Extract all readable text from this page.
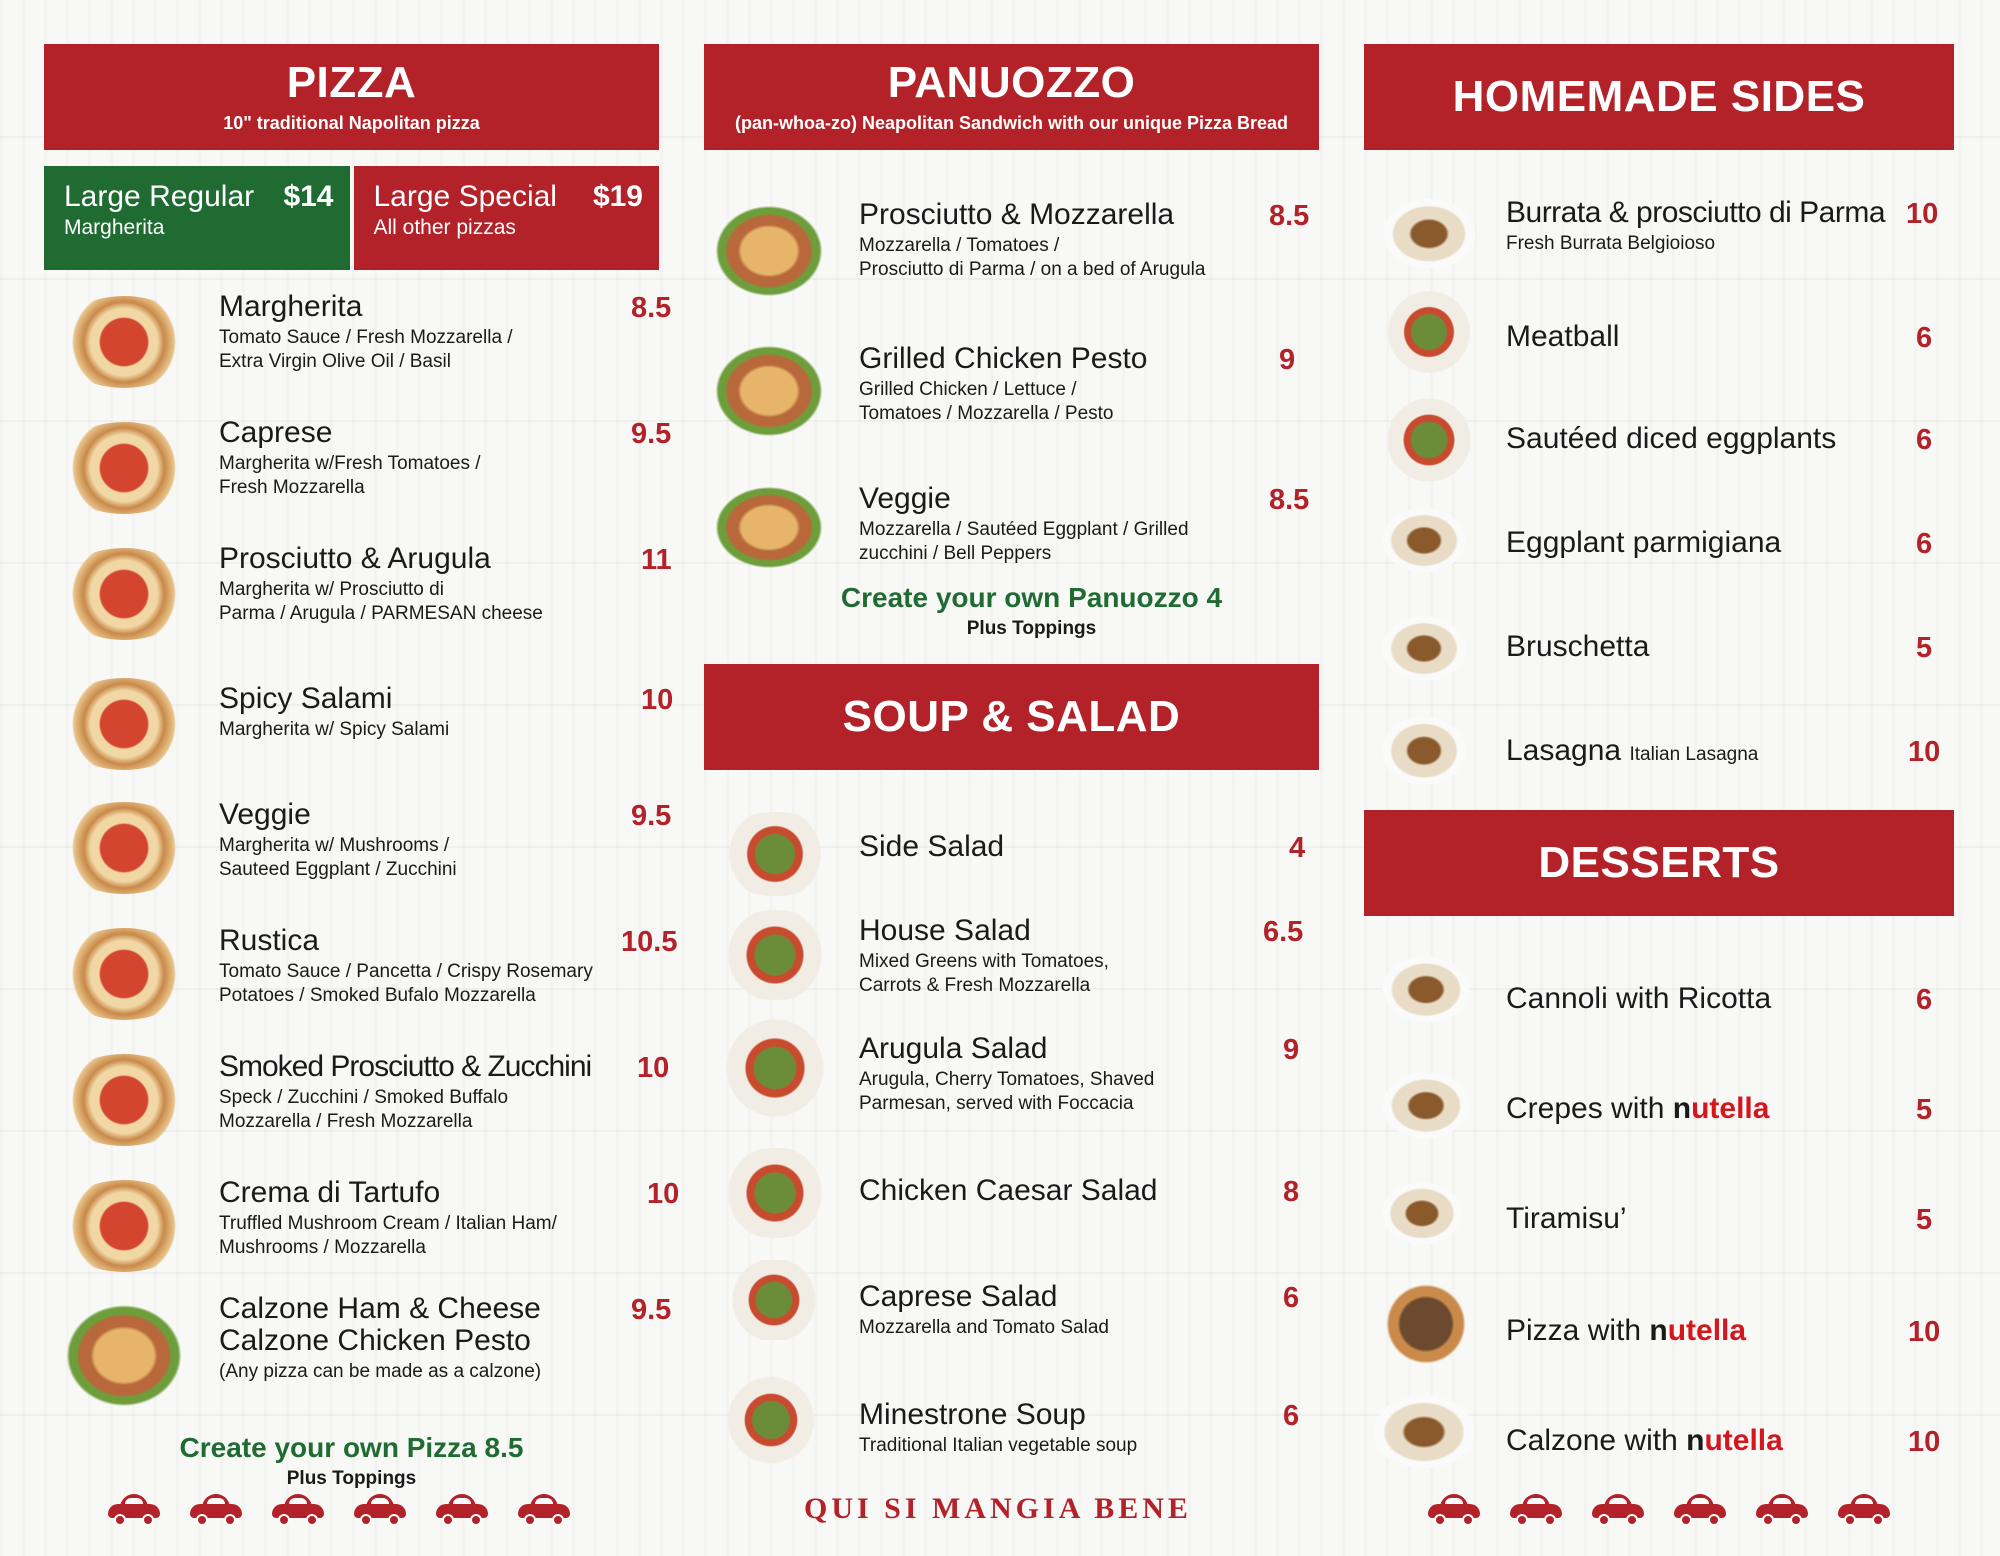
PIZZA
10" traditional Napolitan pizza
Large Regular $14
Margherita
Large Special	$19
All other pizzas
Margherita
Tomato Sauce / Fresh Mozzarella /
Extra Virgin Olive Oil / Basil
8.5
Caprese
Margherita w/Fresh Tomatoes /
Fresh Mozzarella
9.5
Prosciutto & Arugula
Margherita w/ Prosciutto di
Parma / Arugula / PARMESAN cheese
11
Spicy Salami
Margherita w/ Spicy Salami
10
Veggie
Margherita w/ Mushrooms /
Sauteed Eggplant / Zucchini
9.5
Rustica
Tomato Sauce / Pancetta / Crispy Rosemary
Potatoes / Smoked Bufalo Mozzarella
10.5
Smoked Prosciutto & Zucchini
Speck / Zucchini / Smoked Buffalo
Mozzarella / Fresh Mozzarella
10
Crema di Tartufo
Truffled Mushroom Cream / Italian Ham/
Mushrooms / Mozzarella
10
Calzone Ham & Cheese
Calzone Chicken Pesto
(Any pizza can be made as a calzone)
9.5
Create your own Pizza 8.5
Plus Toppings
PANUOZZO
(pan-whoa-zo) Neapolitan Sandwich with our unique Pizza Bread
Prosciutto & Mozzarella
Mozzarella / Tomatoes /
Prosciutto di Parma / on a bed of Arugula
8.5
Grilled Chicken Pesto
Grilled Chicken / Lettuce /
Tomatoes / Mozzarella / Pesto
9
Veggie
Mozzarella / Sautéed Eggplant / Grilled
zucchini / Bell Peppers
8.5
Create your own Panuozzo 4
Plus Toppings
SOUP & SALAD
Side Salad	4
House Salad
Mixed Greens with Tomatoes,
Carrots & Fresh Mozzarella
6.5
Arugula Salad
Arugula, Cherry Tomatoes, Shaved
Parmesan, served with Foccacia
9
Chicken Caesar Salad	8
Caprese Salad
Mozzarella and Tomato Salad
6
Minestrone Soup
Traditional Italian vegetable soup
6
QUI SI MANGIA BENE
HOMEMADE SIDES
Burrata & prosciutto di Parma
Fresh Burrata Belgioioso
10
Meatball	6
Sautéed diced eggplants	6
Eggplant parmigiana	6
Bruschetta	5
Lasagna Italian Lasagna	10
DESSERTS
Cannoli with Ricotta	6
Crepes with nutella	5
Tiramisu’	5
Pizza with nutella	10
Calzone with nutella	10
